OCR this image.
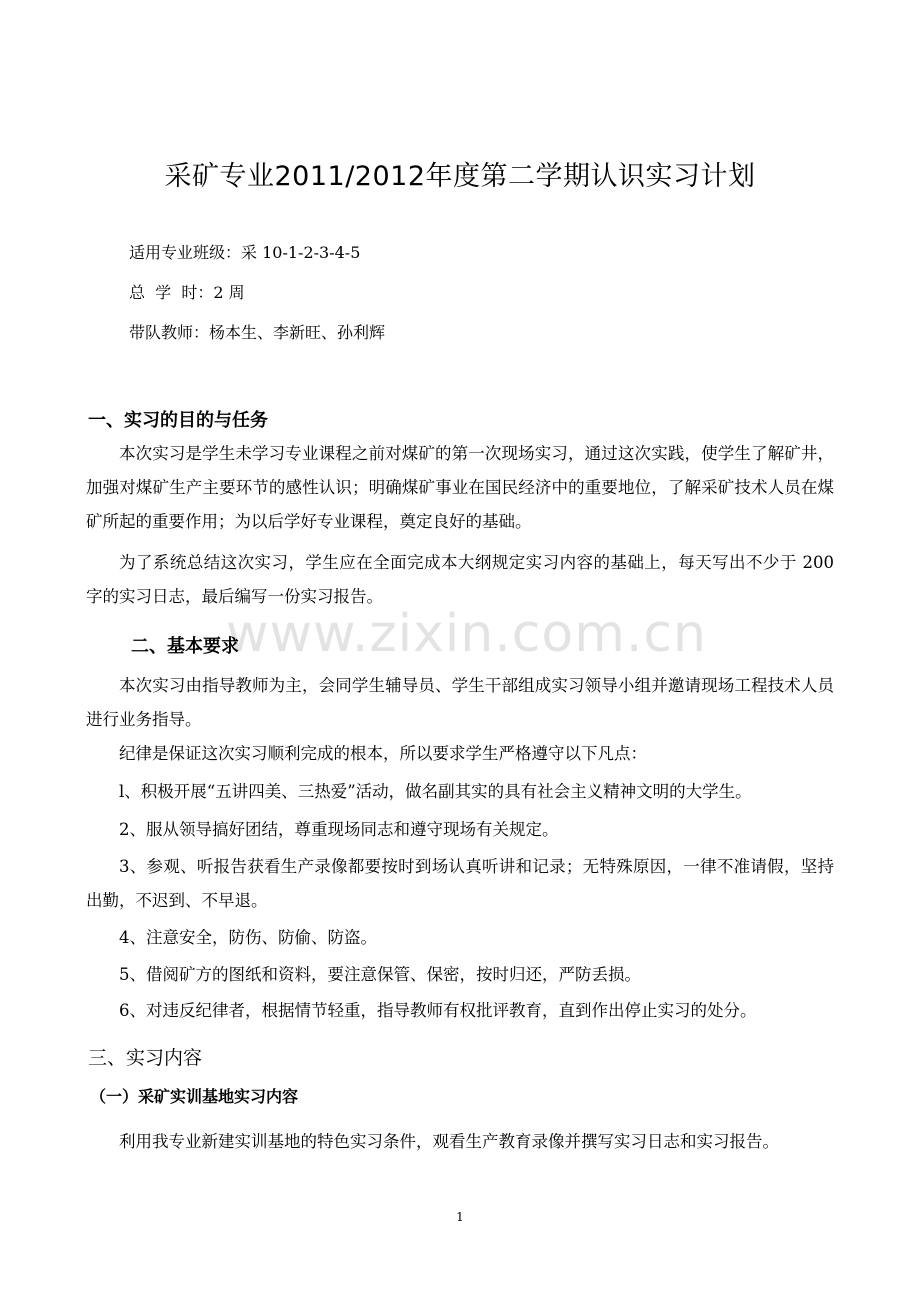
www.zixin.com.cn
采矿专业2011/2012年度第二学期认识实习计划
适用专业班级：采 10-1-2-3-4-5
总  学  时：2 周
带队教师：杨本生、李新旺、孙利辉
一、实习的目的与任务

本次实习是学生未学习专业课程之前对煤矿的第一次现场实习，通过这次实践，使学生了解矿井，加强对煤矿生产主要环节的感性认识；明确煤矿事业在国民经济中的重要地位，了解采矿技术人员在煤矿所起的重要作用；为以后学好专业课程，奠定良好的基础。

为了系统总结这次实习，学生应在全面完成本大纲规定实习内容的基础上，每天写出不少于 200 字的实习日志，最后编写一份实习报告。

二、基本要求

本次实习由指导教师为主，会同学生辅导员、学生干部组成实习领导小组并邀请现场工程技术人员进行业务指导。

纪律是保证这次实习顺利完成的根本，所以要求学生严格遵守以下凡点：

l、积极开展“五讲四美、三热爱”活动，做名副其实的具有社会主义精神文明的大学生。

2、服从领导搞好团结，尊重现场同志和遵守现场有关规定。

3、参观、听报告获看生产录像都要按时到场认真听讲和记录；无特殊原因，一律不准请假，坚持出勤，不迟到、不早退。

4、注意安全，防伤、防偷、防盗。

5、借阅矿方的图纸和资料，要注意保管、保密，按时归还，严防丢损。

6、对违反纪律者，根据情节轻重，指导教师有权批评教育，直到作出停止实习的处分。

三、实习内容
（一）采矿实训基地实习内容

利用我专业新建实训基地的特色实习条件，观看生产教育录像并撰写实习日志和实习报告。

1
